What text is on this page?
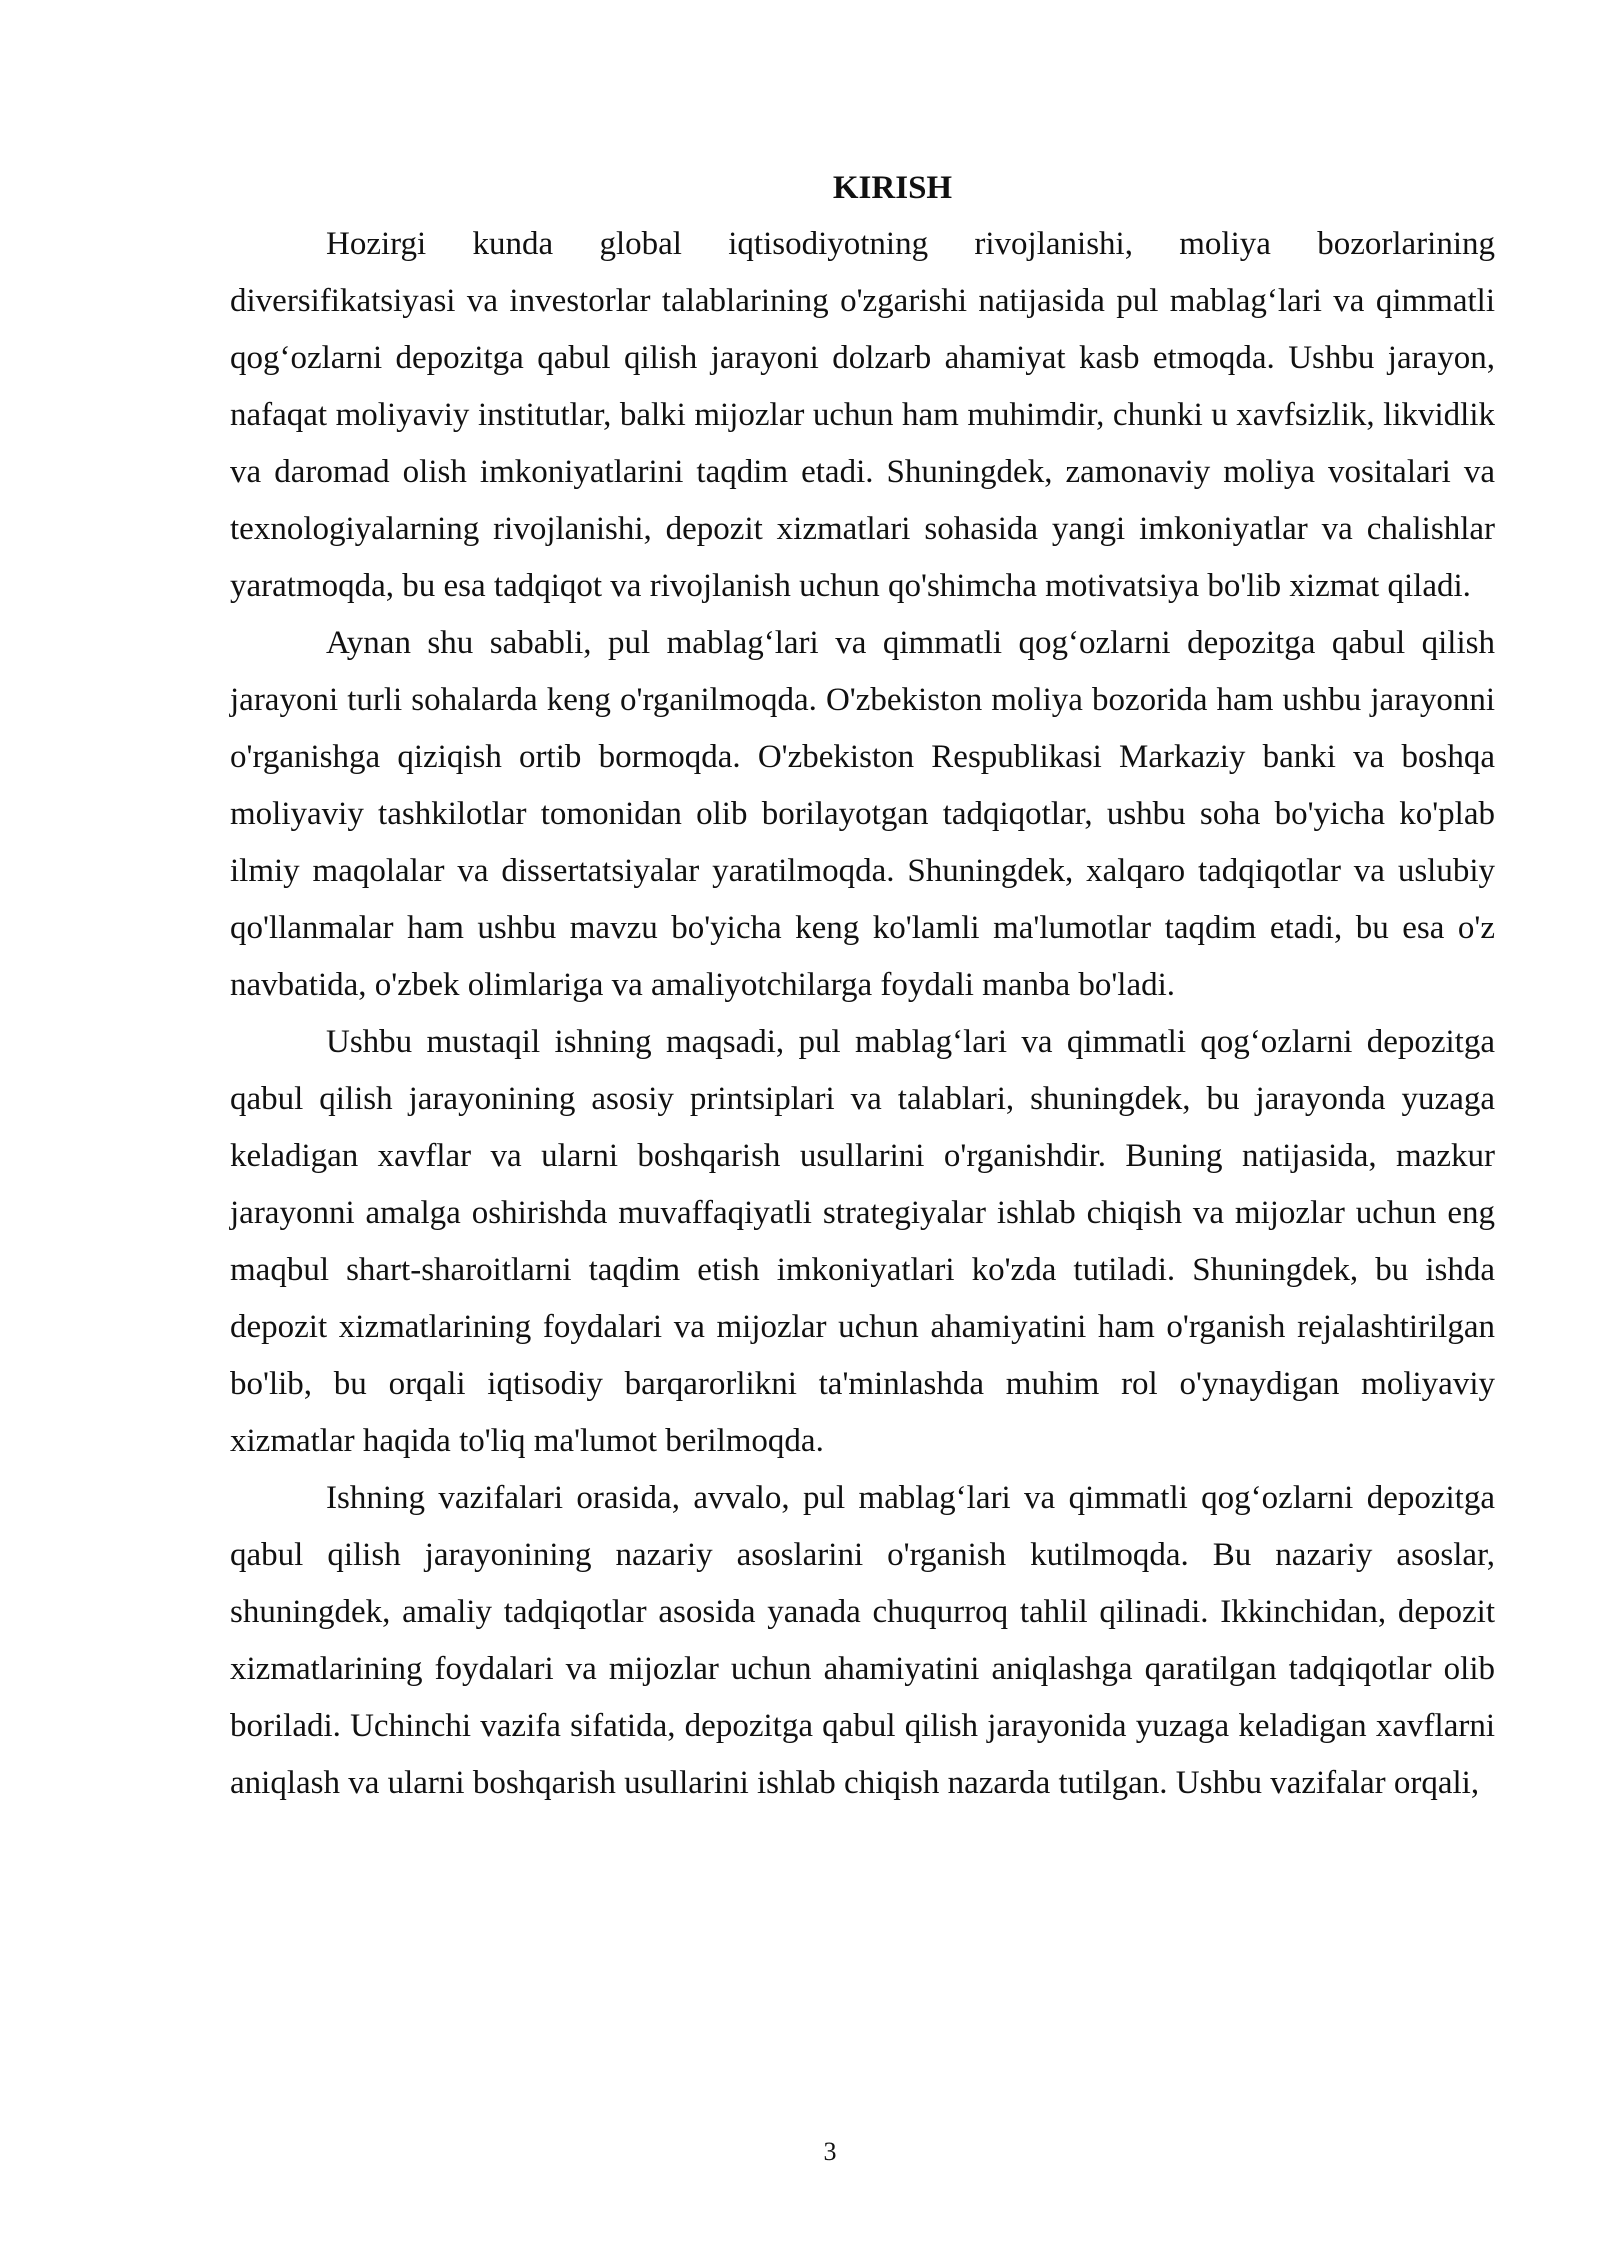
KIRISH

Hozirgi kunda global iqtisodiyotning rivojlanishi, moliya bozorlarining diversifikatsiyasi va investorlar talablarining o'zgarishi natijasida pul mablag‘lari va qimmatli qog‘ozlarni depozitga qabul qilish jarayoni dolzarb ahamiyat kasb etmoqda. Ushbu jarayon, nafaqat moliyaviy institutlar, balki mijozlar uchun ham muhimdir, chunki u xavfsizlik, likvidlik va daromad olish imkoniyatlarini taqdim etadi. Shuningdek, zamonaviy moliya vositalari va texnologiyalarning rivojlanishi, depozit xizmatlari sohasida yangi imkoniyatlar va chalishlar yaratmoqda, bu esa tadqiqot va rivojlanish uchun qo'shimcha motivatsiya bo'lib xizmat qiladi.

Aynan shu sababli, pul mablag‘lari va qimmatli qog‘ozlarni depozitga qabul qilish jarayoni turli sohalarda keng o'rganilmoqda. O'zbekiston moliya bozorida ham ushbu jarayonni o'rganishga qiziqish ortib bormoqda. O'zbekiston Respublikasi Markaziy banki va boshqa moliyaviy tashkilotlar tomonidan olib borilayotgan tadqiqotlar, ushbu soha bo'yicha ko'plab ilmiy maqolalar va dissertatsiyalar yaratilmoqda. Shuningdek, xalqaro tadqiqotlar va uslubiy qo'llanmalar ham ushbu mavzu bo'yicha keng ko'lamli ma'lumotlar taqdim etadi, bu esa o'z navbatida, o'zbek olimlariga va amaliyotchilarga foydali manba bo'ladi.

Ushbu mustaqil ishning maqsadi, pul mablag‘lari va qimmatli qog‘ozlarni depozitga qabul qilish jarayonining asosiy printsiplari va talablari, shuningdek, bu jarayonda yuzaga keladigan xavflar va ularni boshqarish usullarini o'rganishdir. Buning natijasida, mazkur jarayonni amalga oshirishda muvaffaqiyatli strategiyalar ishlab chiqish va mijozlar uchun eng maqbul shart-sharoitlarni taqdim etish imkoniyatlari ko'zda tutiladi. Shuningdek, bu ishda depozit xizmatlarining foydalari va mijozlar uchun ahamiyatini ham o'rganish rejalashtirilgan bo'lib, bu orqali iqtisodiy barqarorlikni ta'minlashda muhim rol o'ynaydigan moliyaviy xizmatlar haqida to'liq ma'lumot berilmoqda.

Ishning vazifalari orasida, avvalo, pul mablag‘lari va qimmatli qog‘ozlarni depozitga qabul qilish jarayonining nazariy asoslarini o'rganish kutilmoqda. Bu nazariy asoslar, shuningdek, amaliy tadqiqotlar asosida yanada chuqurroq tahlil qilinadi. Ikkinchidan, depozit xizmatlarining foydalari va mijozlar uchun ahamiyatini aniqlashga qaratilgan tadqiqotlar olib boriladi. Uchinchi vazifa sifatida, depozitga qabul qilish jarayonida yuzaga keladigan xavflarni aniqlash va ularni boshqarish usullarini ishlab chiqish nazarda tutilgan. Ushbu vazifalar orqali,

3
